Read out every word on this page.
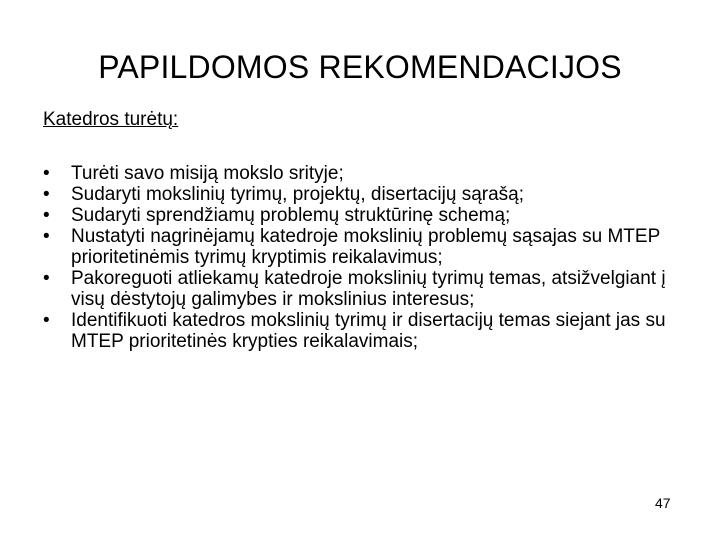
PAPILDOMOS REKOMENDACIJOS
Katedros turėtų:
•	Turėti savo misiją mokslo srityje;
•	Sudaryti mokslinių tyrimų, projektų, disertacijų sąrašą;
•	Sudaryti sprendžiamų problemų struktūrinę schemą;
•	Nustatyti nagrinėjamų katedroje mokslinių problemų sąsajas su MTEP prioritetinėmis tyrimų kryptimis reikalavimus;
•	Pakoreguoti atliekamų katedroje mokslinių tyrimų temas, atsižvelgiant į visų dėstytojų galimybes ir mokslinius interesus;
•	Identifikuoti katedros mokslinių tyrimų ir disertacijų temas siejant jas su MTEP prioritetinės krypties reikalavimais;
47
